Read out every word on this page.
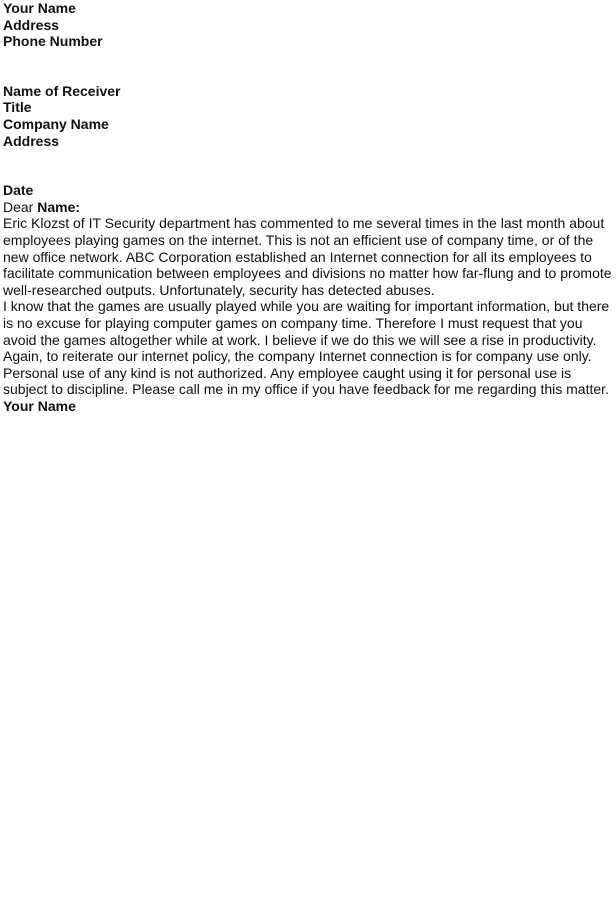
Your Name

Address

Phone Number

Name of Receiver

Title

Company Name

Address

Date

Dear Name:

Eric Klozst of IT Security department has commented to me several times in the last month about employees playing games on the internet. This is not an efficient use of company time, or of the new office network. ABC Corporation established an Internet connection for all its employees to facilitate communication between employees and divisions no matter how far-flung and to promote well-researched outputs. Unfortunately, security has detected abuses.

I know that the games are usually played while you are waiting for important information, but there is no excuse for playing computer games on company time. Therefore I must request that you avoid the games altogether while at work. I believe if we do this we will see a rise in productivity. Again, to reiterate our internet policy, the company Internet connection is for company use only. Personal use of any kind is not authorized. Any employee caught using it for personal use is subject to discipline. Please call me in my office if you have feedback for me regarding this matter.

Your Name
